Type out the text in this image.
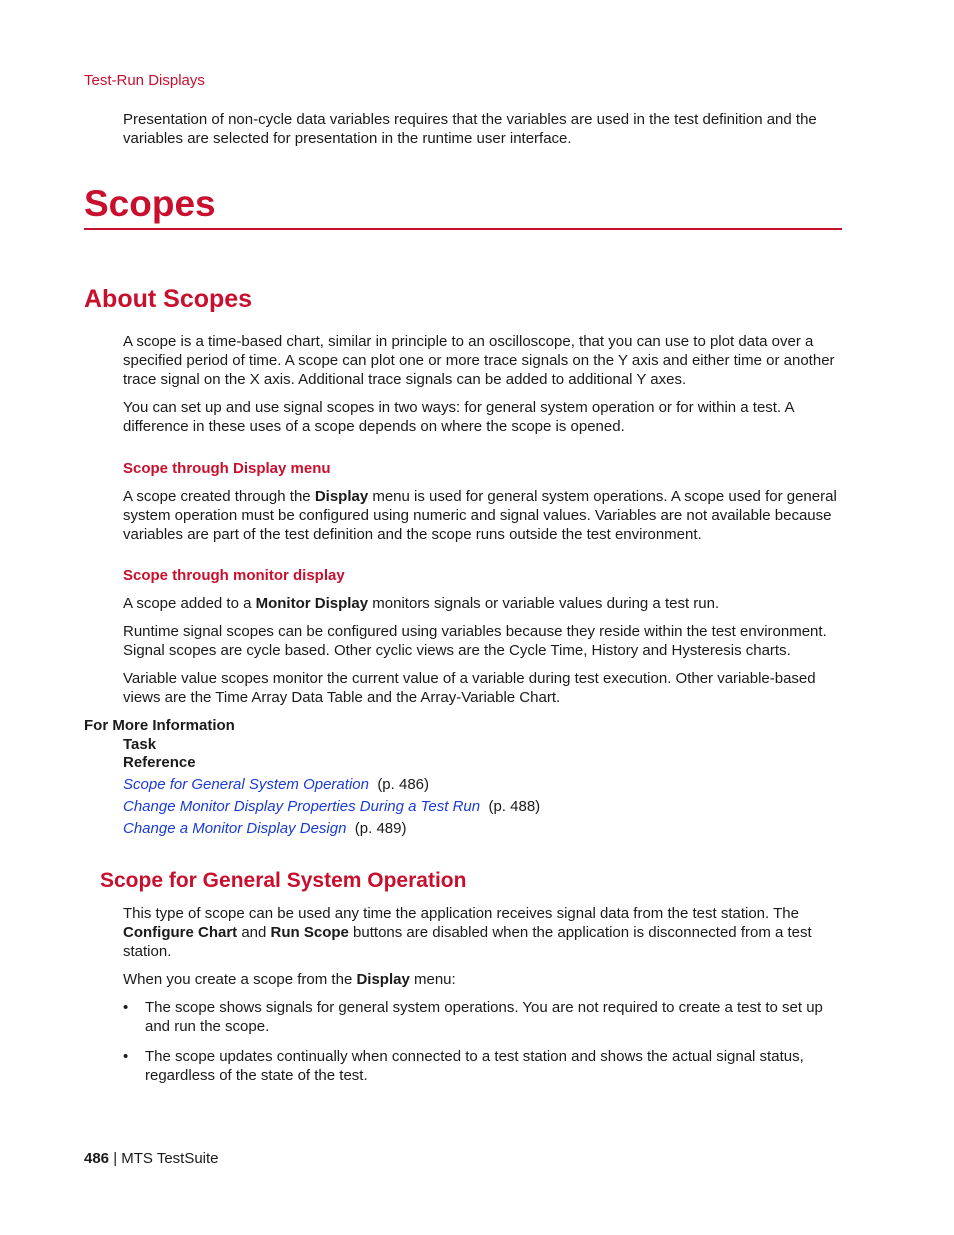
Test-Run Displays

Presentation of non-cycle data variables requires that the variables are used in the test definition and the variables are selected for presentation in the runtime user interface.

Scopes
About Scopes

A scope is a time-based chart, similar in principle to an oscilloscope, that you can use to plot data over a specified period of time. A scope can plot one or more trace signals on the Y axis and either time or another trace signal on the X axis. Additional trace signals can be added to additional Y axes.

You can set up and use signal scopes in two ways: for general system operation or for within a test. A difference in these uses of a scope depends on where the scope is opened.

Scope through Display menu

A scope created through the Display menu is used for general system operations. A scope used for general system operation must be configured using numeric and signal values. Variables are not available because variables are part of the test definition and the scope runs outside the test environment.

Scope through monitor display

A scope added to a Monitor Display monitors signals or variable values during a test run.

Runtime signal scopes can be configured using variables because they reside within the test environment. Signal scopes are cycle based. Other cyclic views are the Cycle Time, History and Hysteresis charts.

Variable value scopes monitor the current value of a variable during test execution. Other variable-based views are the Time Array Data Table and the Array-Variable Chart.

For More Information
Task
Reference
Scope for General System Operation (p. 486)
Change Monitor Display Properties During a Test Run (p. 488)
Change a Monitor Display Design (p. 489)
Scope for General System Operation

This type of scope can be used any time the application receives signal data from the test station. The Configure Chart and Run Scope buttons are disabled when the application is disconnected from a test station.

When you create a scope from the Display menu:

• The scope shows signals for general system operations. You are not required to create a test to set up and run the scope.
• The scope updates continually when connected to a test station and shows the actual signal status, regardless of the state of the test.
486 | MTS TestSuite
